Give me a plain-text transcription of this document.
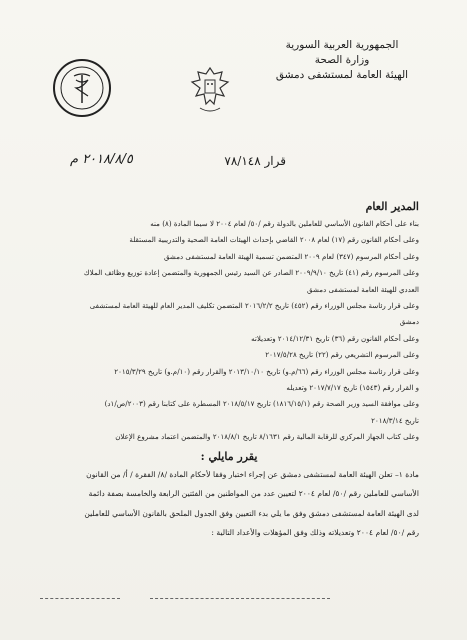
الجمهورية العربية السورية
وزارة الصحة
الهيئة العامة لمستشفى دمشق
قرار ٧٨/١٤٨
٢٠١٨/٨/٥ م
المدير العام
بناء على أحكام القانون الأساسي للعاملين بالدولة رقم /٥٠/ لعام ٢٠٠٤ لا سيما المادة (٨) منه
وعلى أحكام القانون رقم (١٧) لعام ٢٠٠٨ القاضي بإحداث الهيئات العامة الصحية والتدريبية المستقلة
وعلى أحكام المرسوم (٣٤٧) لعام ٢٠٠٩ المتضمن تسمية الهيئة العامة لمستشفى دمشق
وعلى المرسوم رقم (٤١) تاريخ ٢٠٠٩/٩/١٠ الصادر عن السيد رئيس الجمهورية والمتضمن إعادة توزيع وظائف الملاك
العددي للهيئة العامة لمستشفى دمشق
وعلى قرار رئاسة مجلس الوزراء رقم (٤٥٢) تاريخ ٢٠١٦/٢/٢ المتضمن تكليف المدير العام للهيئة العامة لمستشفى
دمشق
وعلى أحكام القانون رقم (٣٦) تاريخ ٢٠١٤/١٢/٣١ وتعديلاته
وعلى المرسوم التشريعي رقم (٢٢) تاريخ ٢٠١٧/٥/٢٨
وعلى قرار رئاسة مجلس الوزراء رقم (٦٦/م.و) تاريخ ٢٠١٣/١٠/١٠ والقرار رقم (١٠/م.و) تاريخ ٢٠١٥/٣/٢٩
و القرار رقم (١٥٤٣) تاريخ ٢٠١٧/٧/١٧ وتعديله
وعلى موافقة السيد وزير الصحة رقم (١٨١٦/١٥/١) تاريخ ٢٠١٨/٥/١٧ المسطرة على كتابنا رقم (٢٠٠٣/ص/١د)
تاريخ ٢٠١٨/٣/١٤
وعلى كتاب الجهاز المركزي للرقابة المالية رقم ٨/١٦٣١ تاريخ ٢٠١٨/٨/١ والمتضمن اعتماد مشروع الإعلان
يقرر مايلي :
مادة ١– تعلن الهيئة العامة لمستشفى دمشق عن إجراء اختبار وفقا لأحكام المادة /٨/ الفقرة / أ/ من القانون
الأساسي للعاملين رقم /٥٠/ لعام ٢٠٠٤ لتعيين عدد من المواطنين من الفئتين الرابعة والخامسة بصفة دائمة
لدى الهيئة العامة لمستشفى دمشق وفق ما يلي بدء التعيين وفق الجدول الملحق بالقانون الأساسي للعاملين
رقم /٥٠/ لعام ٢٠٠٤ وتعديلاته وذلك وفق المؤهلات والأعداد التالية :
